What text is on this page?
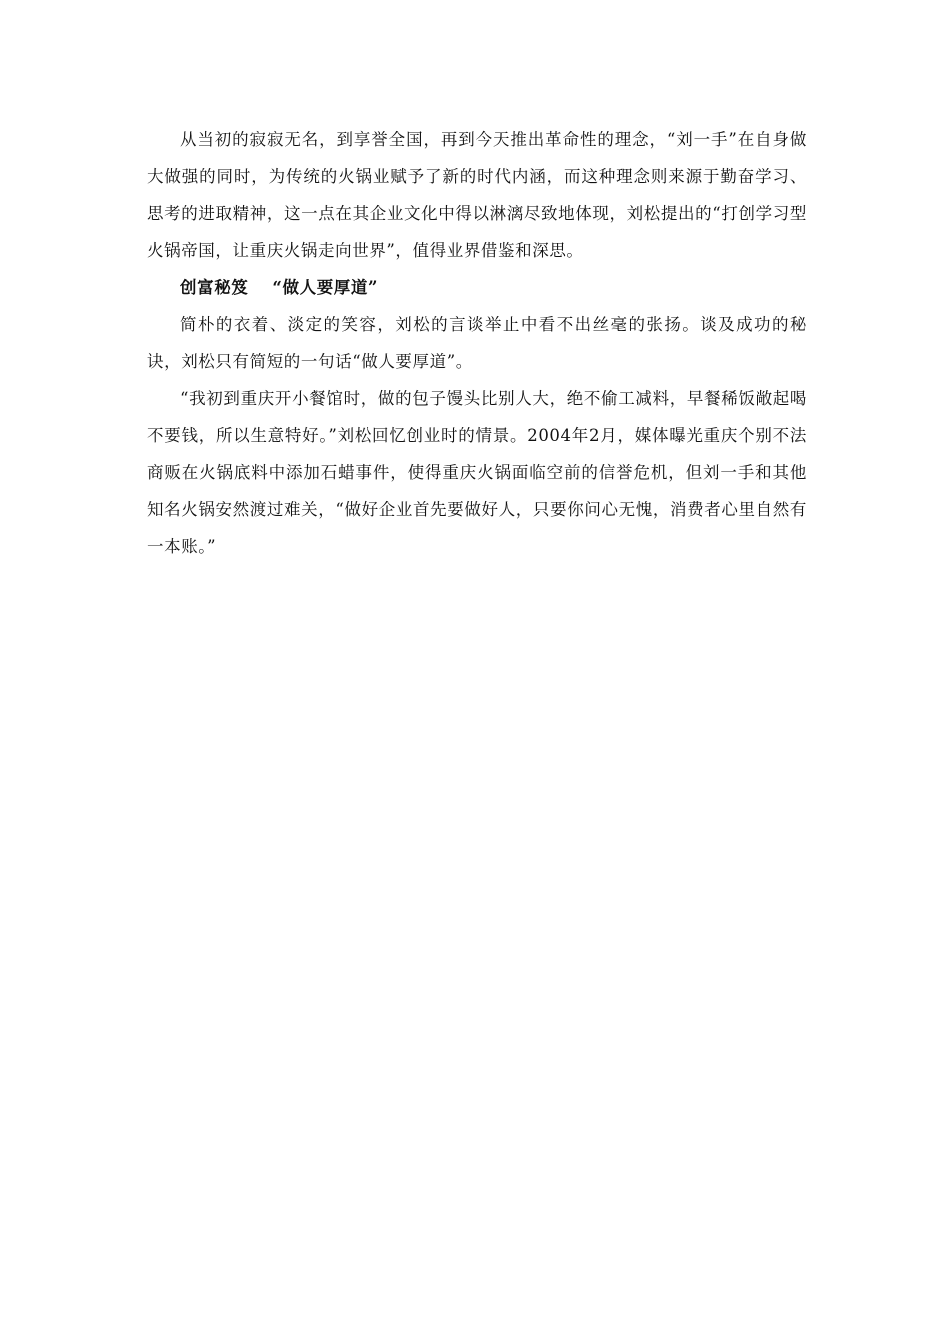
从当初的寂寂无名，到享誉全国，再到今天推出革命性的理念，“刘一手”在自身做大做强的同时，为传统的火锅业赋予了新的时代内涵，而这种理念则来源于勤奋学习、思考的进取精神，这一点在其企业文化中得以淋漓尽致地体现，刘松提出的“打创学习型火锅帝国，让重庆火锅走向世界”，值得业界借鉴和深思。

创富秘笈 “做人要厚道”

简朴的衣着、淡定的笑容，刘松的言谈举止中看不出丝毫的张扬。谈及成功的秘诀，刘松只有简短的一句话“做人要厚道”。

“我初到重庆开小餐馆时，做的包子馒头比别人大，绝不偷工减料，早餐稀饭敞起喝不要钱，所以生意特好。”刘松回忆创业时的情景。2004年2月，媒体曝光重庆个别不法商贩在火锅底料中添加石蜡事件，使得重庆火锅面临空前的信誉危机，但刘一手和其他知名火锅安然渡过难关，“做好企业首先要做好人，只要你问心无愧，消费者心里自然有一本账。”
